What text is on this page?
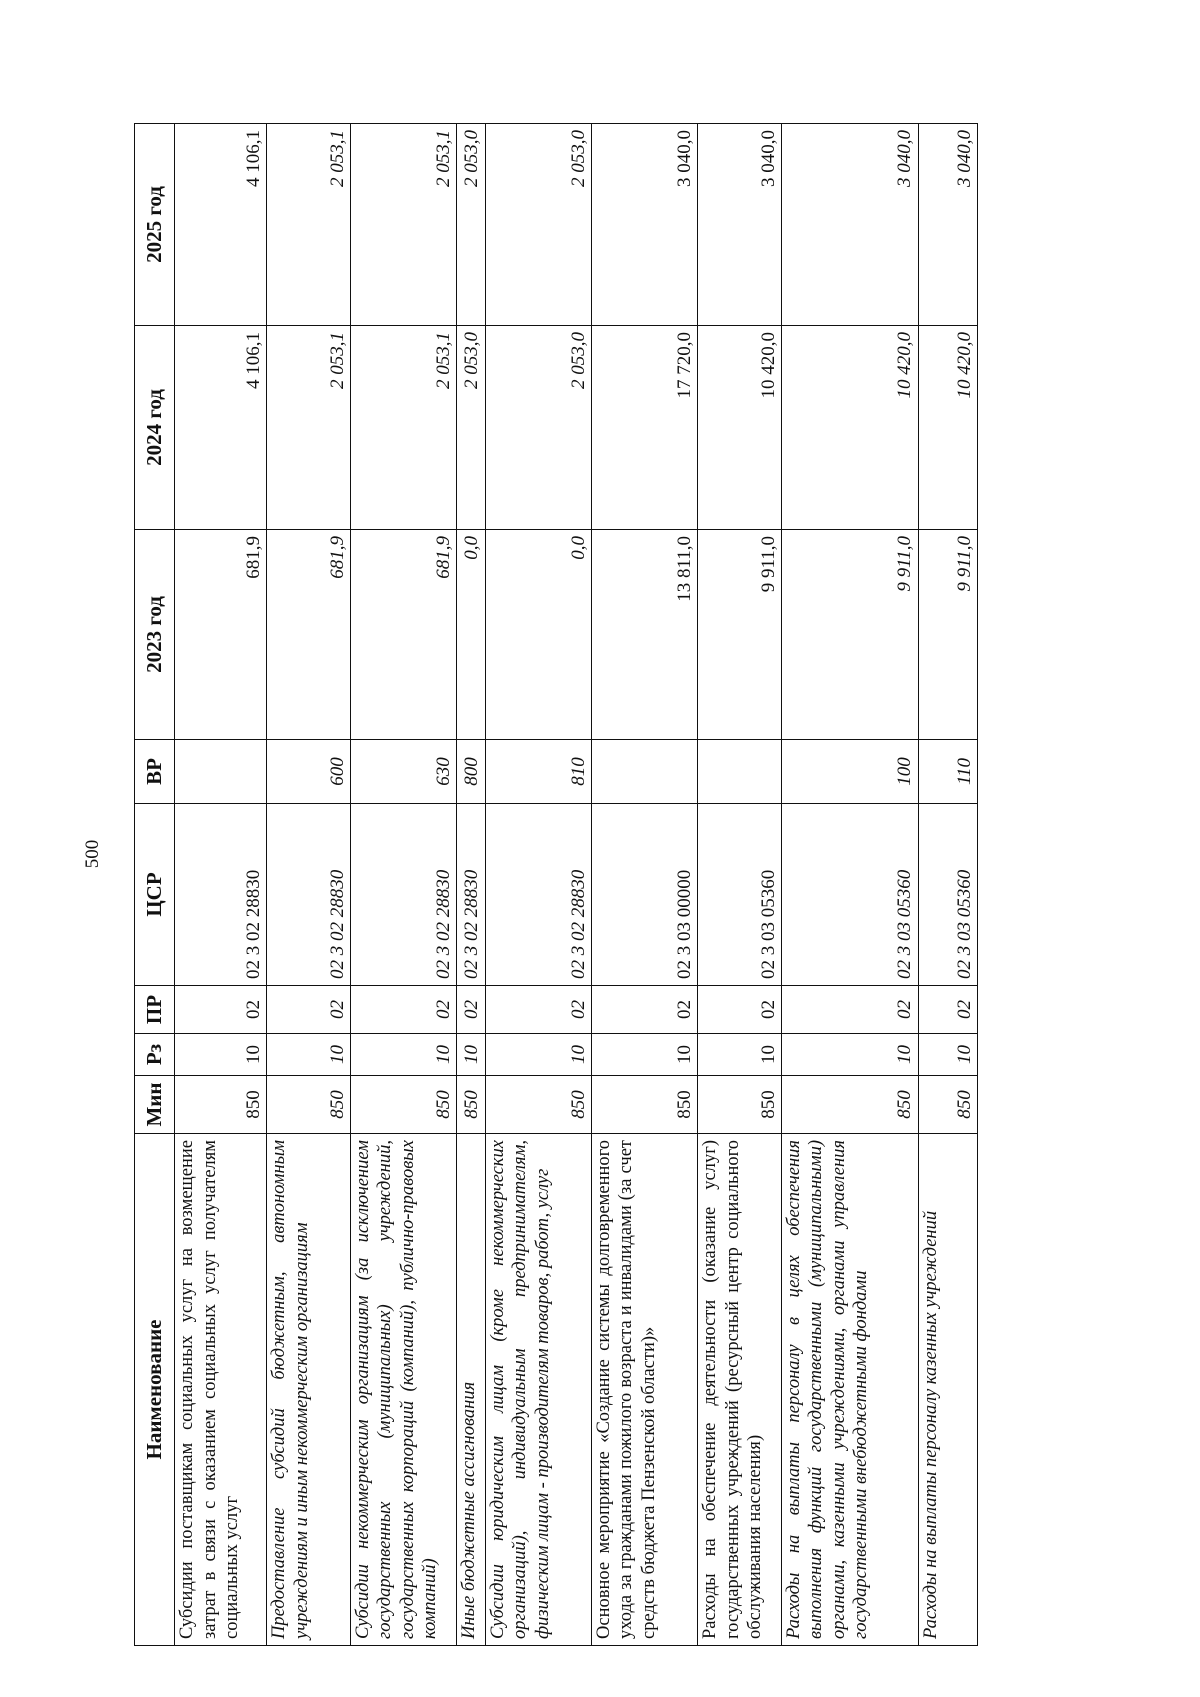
500
Наименование	Мин	Рз	ПР	ЦСР	ВР	2023 год	2024 год	2025 год
Субсидии поставщикам социальных услуг на возмещение затрат в связи с оказанием социальных услуг получателям социальных услуг	850	10	02	02 3 02 28830		681,9	4 106,1	4 106,1
Предоставление субсидий бюджетным, автономным учреждениям и иным некоммерческим организациям	850	10	02	02 3 02 28830	600	681,9	2 053,1	2 053,1
Субсидии некоммерческим организациям (за исключением государственных (муниципальных) учреждений, государственных корпораций (компаний), публично-правовых компаний)	850	10	02	02 3 02 28830	630	681,9	2 053,1	2 053,1
Иные бюджетные ассигнования	850	10	02	02 3 02 28830	800	0,0	2 053,0	2 053,0
Субсидии юридическим лицам (кроме некоммерческих организаций), индивидуальным предпринимателям, физическим лицам - производителям товаров, работ, услуг	850	10	02	02 3 02 28830	810	0,0	2 053,0	2 053,0
Основное мероприятие «Создание системы долговременного ухода за гражданами пожилого возраста и инвалидами (за счет средств бюджета Пензенской области)»	850	10	02	02 3 03 00000		13 811,0	17 720,0	3 040,0
Расходы на обеспечение деятельности (оказание услуг) государственных учреждений (ресурсный центр социального обслуживания населения)	850	10	02	02 3 03 05360		9 911,0	10 420,0	3 040,0
Расходы на выплаты персоналу в целях обеспечения выполнения функций государственными (муниципальными) органами, казенными учреждениями, органами управления государственными внебюджетными фондами	850	10	02	02 3 03 05360	100	9 911,0	10 420,0	3 040,0
Расходы на выплаты персоналу казенных учреждений	850	10	02	02 3 03 05360	110	9 911,0	10 420,0	3 040,0
